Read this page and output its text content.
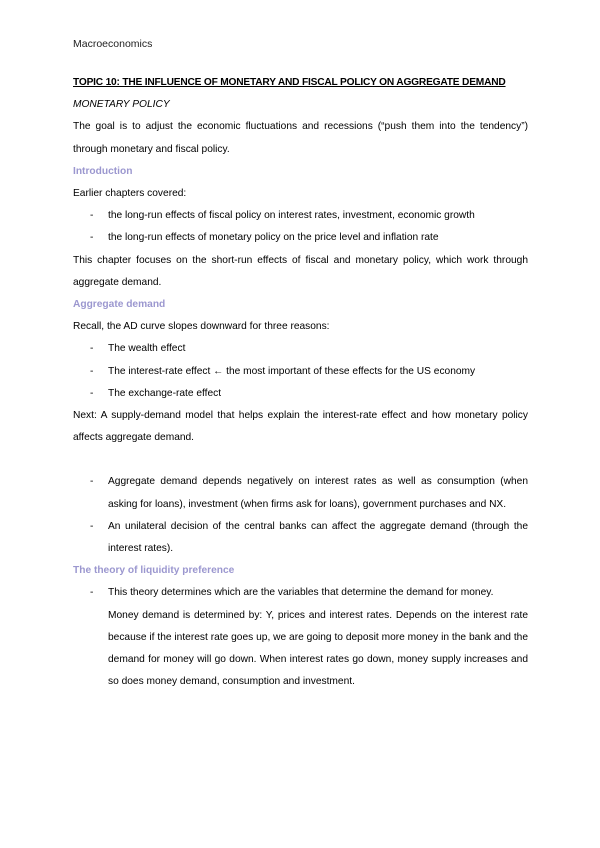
Macroeconomics

TOPIC 10: THE INFLUENCE OF MONETARY AND FISCAL POLICY ON AGGREGATE DEMAND

MONETARY POLICY

The goal is to adjust the economic fluctuations and recessions (“push them into the tendency”) through monetary and fiscal policy.

Introduction

Earlier chapters covered:

- the long-run effects of fiscal policy on interest rates, investment, economic growth
- the long-run effects of monetary policy on the price level and inflation rate

This chapter focuses on the short-run effects of fiscal and monetary policy, which work through aggregate demand.

Aggregate demand

Recall, the AD curve slopes downward for three reasons:

- The wealth effect
- The interest-rate effect ← the most important of these effects for the US economy
- The exchange-rate effect

Next: A supply-demand model that helps explain the interest-rate effect and how monetary policy affects aggregate demand.

- Aggregate demand depends negatively on interest rates as well as consumption (when asking for loans), investment (when firms ask for loans), government purchases and NX.
- An unilateral decision of the central banks can affect the aggregate demand (through the interest rates).

The theory of liquidity preference

- This theory determines which are the variables that determine the demand for money.

Money demand is determined by: Y, prices and interest rates. Depends on the interest rate because if the interest rate goes up, we are going to deposit more money in the bank and the demand for money will go down. When interest rates go down, money supply increases and so does money demand, consumption and investment.
